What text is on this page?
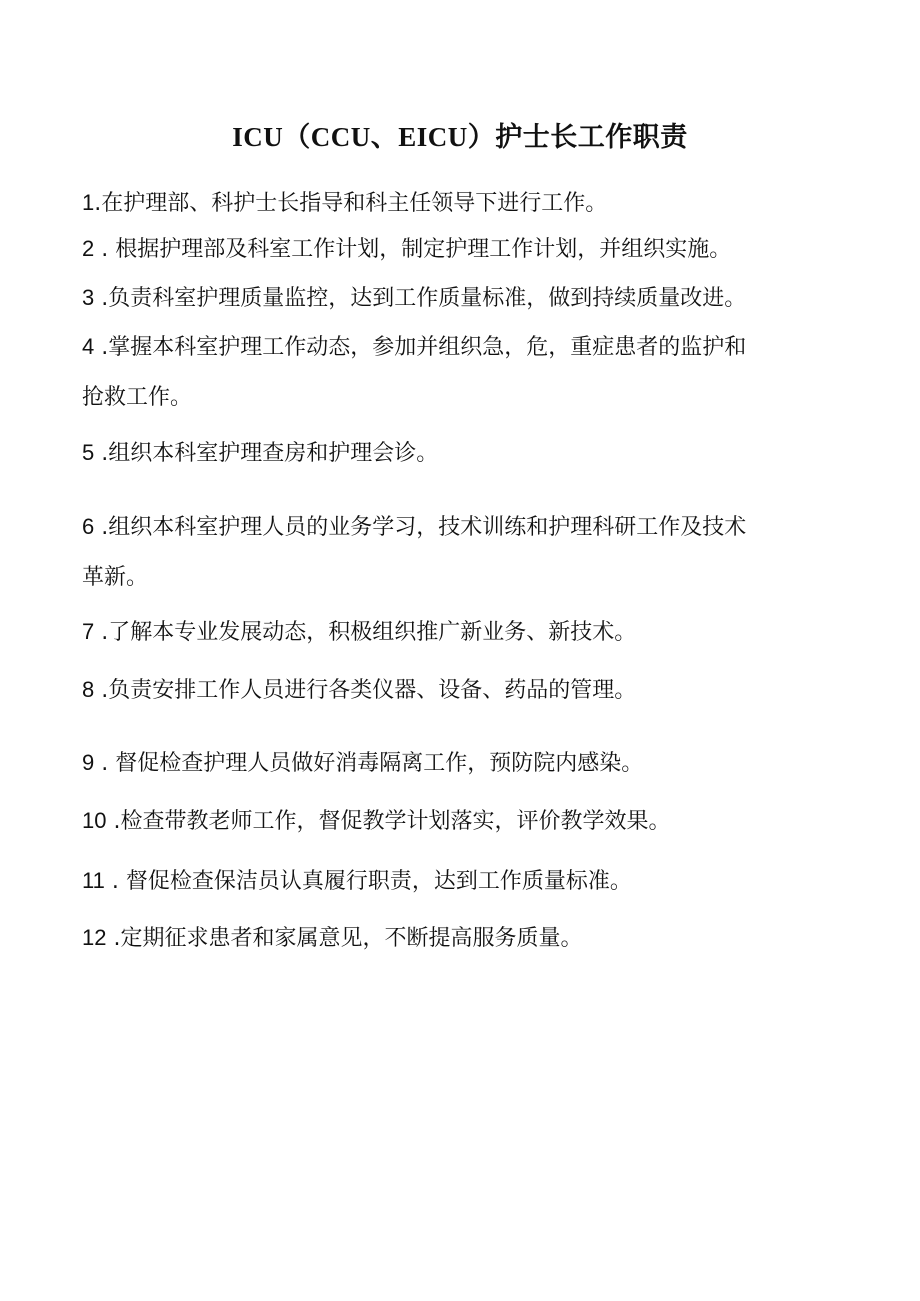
ICU（CCU、EICU）护士长工作职责
1.在护理部、科护士长指导和科主任领导下进行工作。
2 . 根据护理部及科室工作计划，制定护理工作计划，并组织实施。
3 .负责科室护理质量监控，达到工作质量标准，做到持续质量改进。
4 .掌握本科室护理工作动态，参加并组织急，危，重症患者的监护和
抢救工作。
5 .组织本科室护理查房和护理会诊。
6 .组织本科室护理人员的业务学习，技术训练和护理科研工作及技术
革新。
7 .了解本专业发展动态，积极组织推广新业务、新技术。
8 .负责安排工作人员进行各类仪器、设备、药品的管理。
9 . 督促检查护理人员做好消毒隔离工作，预防院内感染。
10 .检查带教老师工作，督促教学计划落实，评价教学效果。
11 . 督促检查保洁员认真履行职责，达到工作质量标准。
12 .定期征求患者和家属意见，不断提高服务质量。
